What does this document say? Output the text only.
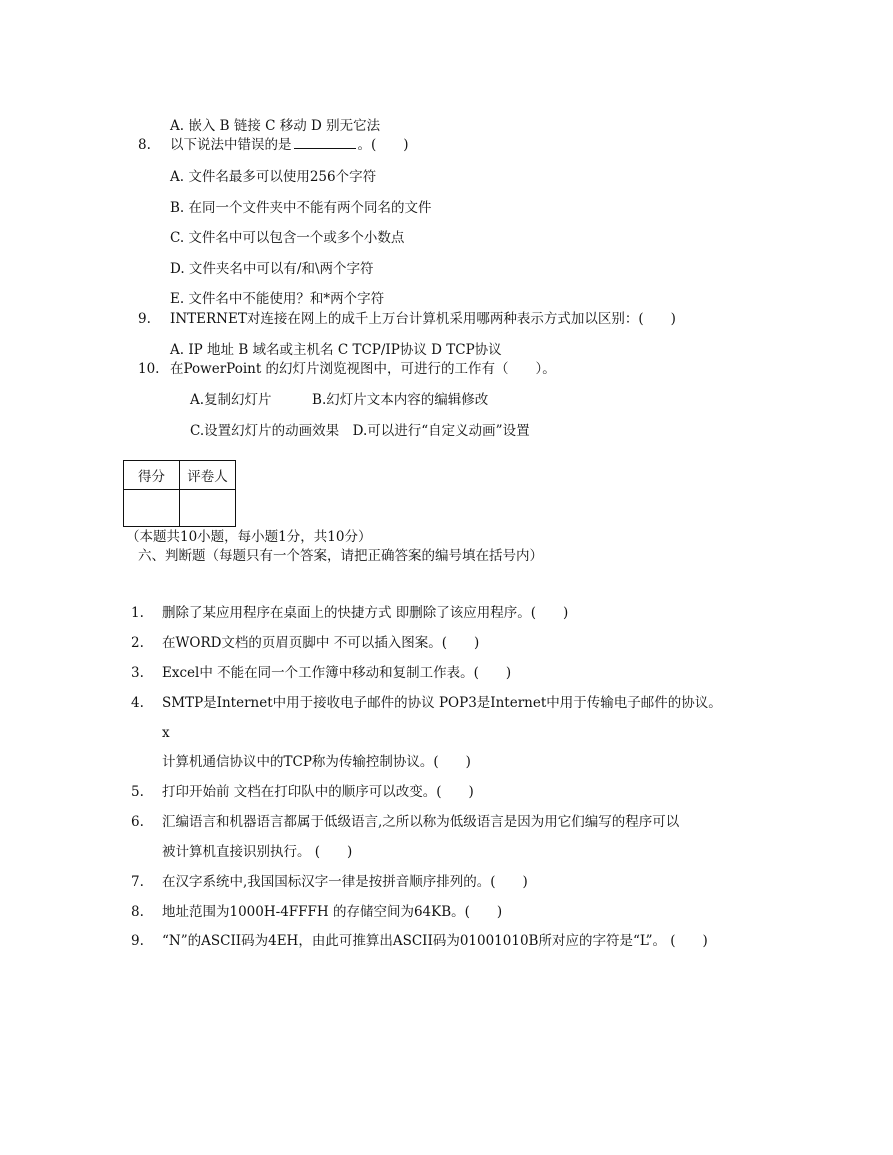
A. 嵌入 B 链接 C 移动 D 别无它法
8. 以下说法中错误的是	。(　　)
A. 文件名最多可以使用256个字符
B. 在同一个文件夹中不能有两个同名的文件
C. 文件名中可以包含一个或多个小数点
D. 文件夹名中可以有/和\两个字符
E. 文件名中不能使用？和*两个字符
9. INTERNET对连接在网上的成千上万台计算机采用哪两种表示方式加以区别：(　　)
A. IP 地址 B 域名或主机名 C TCP/IP协议 D TCP协议
10. 在PowerPoint 的幻灯片浏览视图中，可进行的工作有（　　）。
A.复制幻灯片　　　B.幻灯片文本内容的编辑修改
C.设置幻灯片的动画效果　D.可以进行“自定义动画”设置
得分	评卷人

（本题共10小题，每小题1分，共10分）
六、判断题（每题只有一个答案，请把正确答案的编号填在括号内）
1. 删除了某应用程序在桌面上的快捷方式 即删除了该应用程序。(　　)
2. 在WORD文档的页眉页脚中 不可以插入图案。(　　)
3. Excel中 不能在同一个工作簿中移动和复制工作表。(　　)
4. SMTP是Internet中用于接收电子邮件的协议 POP3是Internet中用于传输电子邮件的协议。
x
计算机通信协议中的TCP称为传输控制协议。(　　)
5. 打印开始前 文档在打印队中的顺序可以改变。(　　)
6. 汇编语言和机器语言都属于低级语言,之所以称为低级语言是因为用它们编写的程序可以
被计算机直接识别执行。 (　　)
7. 在汉字系统中,我国国标汉字一律是按拼音顺序排列的。(　　)
8. 地址范围为1000H-4FFFH 的存储空间为64KB。(　　)
9. “N”的ASCII码为4EH，由此可推算出ASCII码为01001010B所对应的字符是“L”。 (　　)
